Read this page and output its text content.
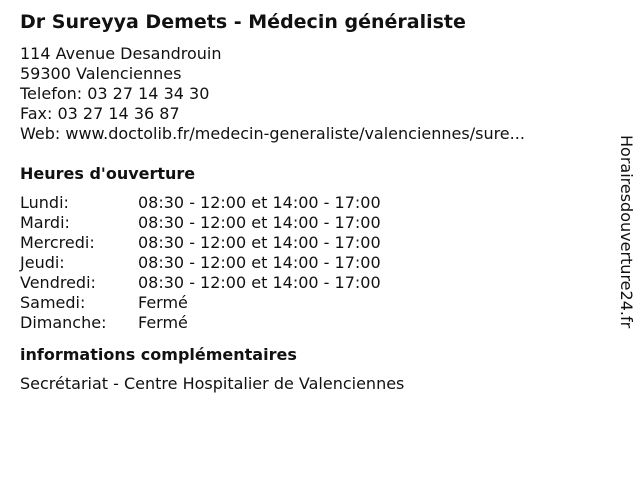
Dr Sureyya Demets - Médecin généraliste
114 Avenue Desandrouin
59300 Valenciennes
Telefon: 03 27 14 34 30
Fax: 03 27 14 36 87
Web: www.doctolib.fr/medecin-generaliste/valenciennes/sure...
Heures d'ouverture
Lundi:	08:30 - 12:00 et 14:00 - 17:00
Mardi:	08:30 - 12:00 et 14:00 - 17:00
Mercredi:	08:30 - 12:00 et 14:00 - 17:00
Jeudi:	08:30 - 12:00 et 14:00 - 17:00
Vendredi:	08:30 - 12:00 et 14:00 - 17:00
Samedi:	Fermé
Dimanche:	Fermé
informations complémentaires
Secrétariat - Centre Hospitalier de Valenciennes
Horairesdouverture24.fr
